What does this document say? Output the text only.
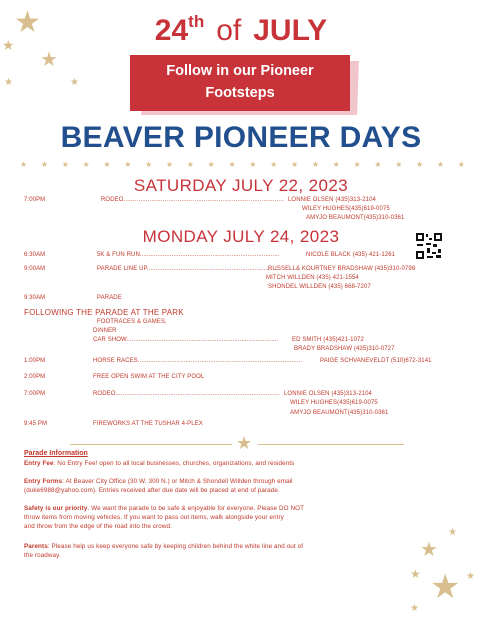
★
★
★
★
★
★
★
★ ★ ★
★
24th of JULY
Follow in our Pioneer
Footsteps
BEAVER PIONEER DAYS
★ ★ ★ ★ ★ ★ ★ ★ ★ ★ ★ ★ ★ ★ ★ ★ ★ ★ ★ ★ ★ ★
SATURDAY JULY 22, 2023
7:00PM	RODEO...................................................................................... LONNIE OLSEN (435)313-2104
WILEY HUGHES(435)619-0075
AMYJO BEAUMONT(435)310-0361
MONDAY JULY 24, 2023
6:30AM	5K & FUN RUN...............................................................................	NICOLE BLACK (435) 421-1261
9:00AM	PARADE LINE UP...........................................................................
RUSSELL& KOURTNEY BRADSHAW (435)310-0798
MITCH WILLDEN (435) 421-1554
SHONDEL WILLDEN (435) 668-7207
9:30AM	PARADE
FOLLOWING THE PARADE AT THE PARK
FOOTRACES & GAMES,
DINNER
CAR SHOW...................................................................................... ED SMITH (435)421-1072
BRADY BRADSHAW (435)310-0727
1:00PM	HORSE RACES.............................................................................................	PAIGE SCHVANEVELDT (510)672-3141
2:00PM	FREE OPEN SWIM AT THE CITY POOL
7:00PM	RODEO............................................................................................. LONNIE OLSEN (435)313-2104
WILEY HUGHES(435)619-0075
AMYJO BEAUMONT(435)310-0361
9:45 PM	FIREWORKS AT THE TUSHAR 4-PLEX
★
Parade Information
Entry Fee: No Entry Fee! open to all local businesses, churches, organizations, and residents
Entry Forms: At Beaver City Office (30 W. 300 N.) or Mitch & Shondell Willden through email
(duke6988@yahoo.com). Entries received after due date will be placed at end of parade.
Safety is our priority. We want the parade to be safe & enjoyable for everyone. Please DO NOT
throw items from moving vehicles. If you want to pass out items, walk alongside your entry
and throw from the edge of the road into the crowd.
Parents: Please help us keep everyone safe by keeping children behind the white line and out of
the roadway.
